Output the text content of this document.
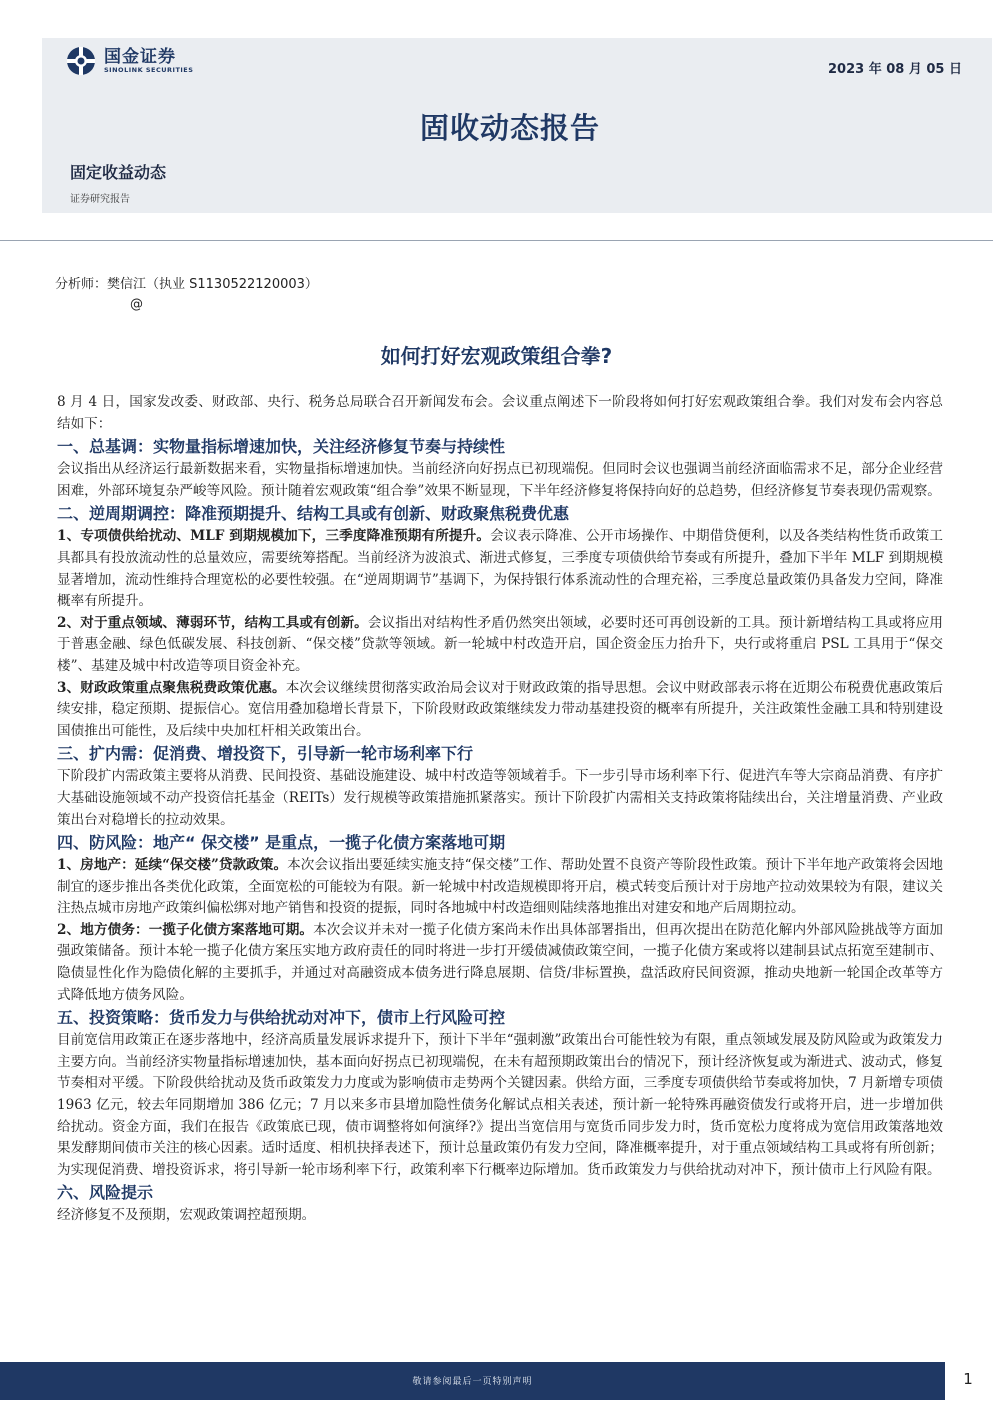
国金证券
SINOLINK SECURITIES	2023 年 08 月 05 日
固收动态报告
固定收益动态
证券研究报告
分析师：樊信江（执业 S1130522120003）
@
如何打好宏观政策组合拳?

8 月 4 日，国家发改委、财政部、央行、税务总局联合召开新闻发布会。会议重点阐述下一阶段将如何打好宏观政策组合拳。我们对发布会内容总结如下：

一、总基调：实物量指标增速加快，关注经济修复节奏与持续性

会议指出从经济运行最新数据来看，实物量指标增速加快。当前经济向好拐点已初现端倪。但同时会议也强调当前经济面临需求不足，部分企业经营困难，外部环境复杂严峻等风险。预计随着宏观政策“组合拳”效果不断显现，下半年经济修复将保持向好的总趋势，但经济修复节奏表现仍需观察。

二、逆周期调控：降准预期提升、结构工具或有创新、财政聚焦税费优惠

1、专项债供给扰动、MLF 到期规模加下，三季度降准预期有所提升。会议表示降准、公开市场操作、中期借贷便利，以及各类结构性货币政策工具都具有投放流动性的总量效应，需要统筹搭配。当前经济为波浪式、渐进式修复，三季度专项债供给节奏或有所提升，叠加下半年 MLF 到期规模显著增加，流动性维持合理宽松的必要性较强。在“逆周期调节”基调下，为保持银行体系流动性的合理充裕，三季度总量政策仍具备发力空间，降准概率有所提升。

2、对于重点领域、薄弱环节，结构工具或有创新。会议指出对结构性矛盾仍然突出领域，必要时还可再创设新的工具。预计新增结构工具或将应用于普惠金融、绿色低碳发展、科技创新、“保交楼”贷款等领域。新一轮城中村改造开启，国企资金压力抬升下，央行或将重启 PSL 工具用于“保交楼”、基建及城中村改造等项目资金补充。

3、财政政策重点聚焦税费政策优惠。本次会议继续贯彻落实政治局会议对于财政政策的指导思想。会议中财政部表示将在近期公布税费优惠政策后续安排，稳定预期、提振信心。宽信用叠加稳增长背景下，下阶段财政政策继续发力带动基建投资的概率有所提升，关注政策性金融工具和特别建设国债推出可能性，及后续中央加杠杆相关政策出台。

三、扩内需：促消费、增投资下，引导新一轮市场利率下行

下阶段扩内需政策主要将从消费、民间投资、基础设施建设、城中村改造等领域着手。下一步引导市场利率下行、促进汽车等大宗商品消费、有序扩大基础设施领域不动产投资信托基金（REITs）发行规模等政策措施抓紧落实。预计下阶段扩内需相关支持政策将陆续出台，关注增量消费、产业政策出台对稳增长的拉动效果。

四、防风险：地产“ 保交楼” 是重点，一揽子化债方案落地可期

1、房地产：延续“保交楼”贷款政策。本次会议指出要延续实施支持“保交楼”工作、帮助处置不良资产等阶段性政策。预计下半年地产政策将会因地制宜的逐步推出各类优化政策，全面宽松的可能较为有限。新一轮城中村改造规模即将开启，模式转变后预计对于房地产拉动效果较为有限，建议关注热点城市房地产政策纠偏松绑对地产销售和投资的提振，同时各地城中村改造细则陆续落地推出对建安和地产后周期拉动。

2、地方债务：一揽子化债方案落地可期。本次会议并未对一揽子化债方案尚未作出具体部署指出，但再次提出在防范化解内外部风险挑战等方面加强政策储备。预计本轮一揽子化债方案压实地方政府责任的同时将进一步打开缓债减债政策空间，一揽子化债方案或将以建制县试点拓宽至建制市、隐债显性化作为隐债化解的主要抓手，并通过对高融资成本债务进行降息展期、信贷/非标置换，盘活政府民间资源，推动央地新一轮国企改革等方式降低地方债务风险。

五、投资策略：货币发力与供给扰动对冲下，债市上行风险可控

目前宽信用政策正在逐步落地中，经济高质量发展诉求提升下，预计下半年“强刺激”政策出台可能性较为有限，重点领域发展及防风险或为政策发力主要方向。当前经济实物量指标增速加快，基本面向好拐点已初现端倪，在未有超预期政策出台的情况下，预计经济恢复或为渐进式、波动式，修复节奏相对平缓。下阶段供给扰动及货币政策发力力度或为影响债市走势两个关键因素。供给方面，三季度专项债供给节奏或将加快，7 月新增专项债 1963 亿元，较去年同期增加 386 亿元；7 月以来多市县增加隐性债务化解试点相关表述，预计新一轮特殊再融资债发行或将开启，进一步增加供给扰动。资金方面，我们在报告《政策底已现，债市调整将如何演绎?》提出当宽信用与宽货币同步发力时，货币宽松力度将成为宽信用政策落地效果发酵期间债市关注的核心因素。适时适度、相机抉择表述下，预计总量政策仍有发力空间，降准概率提升，对于重点领域结构工具或将有所创新；为实现促消费、增投资诉求，将引导新一轮市场利率下行，政策利率下行概率边际增加。货币政策发力与供给扰动对冲下，预计债市上行风险有限。

六、风险提示

经济修复不及预期，宏观政策调控超预期。

敬请参阅最后一页特别声明	1
